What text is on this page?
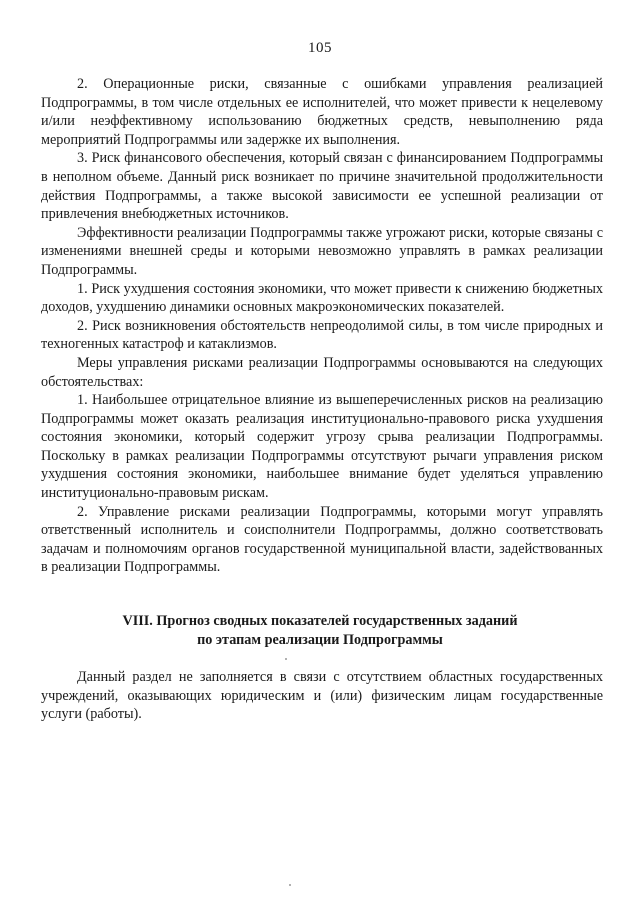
105

2. Операционные риски, связанные с ошибками управления реализацией Подпрограммы, в том числе отдельных ее исполнителей, что может привести к нецелевому и/или неэффективному использованию бюджетных средств, невыполнению ряда мероприятий Подпрограммы или задержке их выполнения.

3. Риск финансового обеспечения, который связан с финансированием Подпрограммы в неполном объеме. Данный риск возникает по причине значительной продолжительности действия Подпрограммы, а также высокой зависимости ее успешной реализации от привлечения внебюджетных источников.

Эффективности реализации Подпрограммы также угрожают риски, которые связаны с изменениями внешней среды и которыми невозможно управлять в рамках реализации Подпрограммы.

1. Риск ухудшения состояния экономики, что может привести к снижению бюджетных доходов, ухудшению динамики основных макроэкономических показателей.

2. Риск возникновения обстоятельств непреодолимой силы, в том числе природных и техногенных катастроф и катаклизмов.

Меры управления рисками реализации Подпрограммы основываются на следующих обстоятельствах:

1. Наибольшее отрицательное влияние из вышеперечисленных рисков на реализацию Подпрограммы может оказать реализация институционально-правового риска ухудшения состояния экономики, который содержит угрозу срыва реализации Подпрограммы. Поскольку в рамках реализации Подпрограммы отсутствуют рычаги управления риском ухудшения состояния экономики, наибольшее внимание будет уделяться управлению институционально-правовым рискам.

2. Управление рисками реализации Подпрограммы, которыми могут управлять ответственный исполнитель и соисполнители Подпрограммы, должно соответствовать задачам и полномочиям органов государственной муниципальной власти, задействованных в реализации Подпрограммы.

VIII. Прогноз сводных показателей государственных заданий
по этапам реализации Подпрограммы

Данный раздел не заполняется в связи с отсутствием областных государственных учреждений, оказывающих юридическим и (или) физическим лицам государственные услуги (работы).
